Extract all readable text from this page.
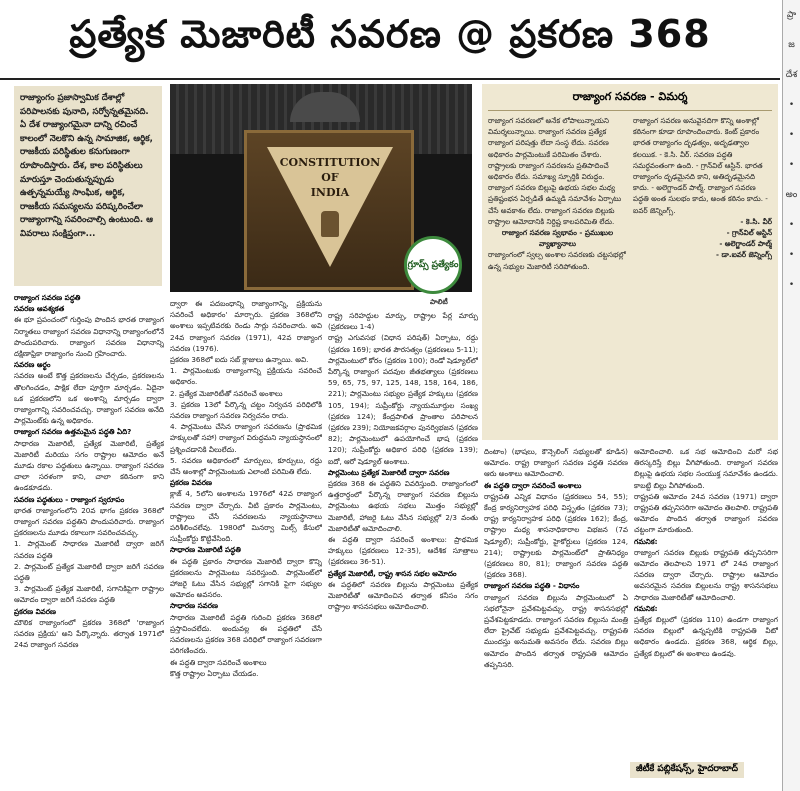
ప్రత్యేక మెజారిటీ సవరణ @ ప్రకరణ 368	ప్రా
జ
దేశ
•
•
•
అం
•
•
•
రాజ్యాంగం ప్రజాస్వామిక దేశాల్లో పరిపాలనకు పునాది, సర్వోన్నతమైనది. ఏ దేశ రాజ్యాంగమైనా దాన్ని రచించే కాలంలో నెలకొని ఉన్న సామాజిక, ఆర్థిక, రాజకీయ పరిస్థితుల కనుగుణంగా రూపొందిస్తారు. దేశ, కాల పరిస్థితులు మారుస్తూ చెందుతున్నప్పుడు ఉత్పన్నమయ్యే సాంఘిక, ఆర్థిక, రాజకీయ సమస్యలను పరిష్కరించేలా రాజ్యాంగాన్ని సవరించాల్సి ఉంటుంది. ఆ వివరాలు సంక్షిప్తంగా...
CONSTITUTION
OF
INDIA
గ్రూప్స్ ప్రత్యేకం
పాలిటీ
రాజ్యాంగ సవరణ పద్ధతి
సవరణ ఆవశ్యకత

ఈ భూ ప్రపంచంలో గుర్తింపు పొందిన భారత రాజ్యాంగ నిర్మాతలు రాజ్యాంగ సవరణ విధానాన్ని రాజ్యాంగంలోనే పొందుపరిచారు. రాజ్యాంగ సవరణ విధానాన్ని దక్షిణాఫ్రికా రాజ్యాంగం నుంచి గ్రహించారు.

సవరణ అర్థం

సవరణ అంటే కొత్త ప్రకరణలను చేర్చడం, ప్రకరణలను తొలగించడం, పాక్షిక లేదా పూర్తిగా మార్చడం. ఏదైనా ఒక ప్రకరణలోని ఒక అంశాన్ని మార్చడం ద్వారా రాజ్యాంగాన్ని సవరించవచ్చు. రాజ్యాంగ సవరణ అనేది పార్లమెంట్‌కు ఉన్న అధికారం.

రాజ్యాంగ సవరణ ఉత్తమమైన పద్ధతి ఏది?

సాధారణ మెజారిటీ, ప్రత్యేక మెజారిటీ, ప్రత్యేక మెజారిటీ మరియు సగం రాష్ట్రాల ఆమోదం అనే మూడు రకాల పద్ధతులు ఉన్నాయి. రాజ్యాంగ సవరణ చాలా సరళంగా కాని, చాలా కఠినంగా కాని ఉండకూడదు.

సవరణ పద్ధతులు - రాజ్యాంగ స్వరూపం

భారత రాజ్యాంగంలోని 20వ భాగం ప్రకరణ 368లో రాజ్యాంగ సవరణ పద్ధతిని పొందుపరిచారు. రాజ్యాంగ ప్రకరణలను మూడు రకాలుగా సవరించవచ్చు.

1. పార్లమెంట్ సాధారణ మెజారిటీ ద్వారా జరిగే సవరణ పద్ధతి

2. పార్లమెంట్ ప్రత్యేక మెజారిటీ ద్వారా జరిగే సవరణ పద్ధతి

3. పార్లమెంట్ ప్రత్యేక మెజారిటీ, సగానికిపైగా రాష్ట్రాల ఆమోదం ద్వారా జరిగే సవరణ పద్ధతి

ప్రకరణ వివరణ

మౌలిక రాజ్యాంగంలో ప్రకరణ 368లో 'రాజ్యాంగ సవరణ ప్రక్రియ' అని పేర్కొన్నారు. తర్వాత 1971లో 24వ రాజ్యాంగ సవరణ

ద్వారా ఈ పదబంధాన్ని రాజ్యాంగాన్ని, ప్రక్రియను సవరించే అధికారం' మార్చారు. ప్రకరణ 368లోని అంశాలు ఇప్పటివరకు రెండు సార్లు సవరించారు. అవి 24వ రాజ్యాంగ సవరణ (1971), 42వ రాజ్యాంగ సవరణ (1976).

ప్రకరణ 368లో ఐదు సబ్ క్లాజులు ఉన్నాయి. అవి.

1. పార్లమెంటుకు రాజ్యాంగాన్ని ప్రక్రియను సవరించే అధికారం.

2. ప్రత్యేక మెజారిటీతో సవరించే అంశాలు

3. ప్రకరణ 13లో పేర్కొన్న చట్టం నిర్వచన పరిధిలోకి సవరణ రాజ్యాంగ సవరణ నిర్వచనం రాదు.

4. పార్లమెంటు చేసిన రాజ్యాంగ సవరణను (ప్రాథమిక హక్కులతో సహా) రాజ్యాంగ విరుద్ధమని న్యాయస్థానంలో ప్రశ్నించడానికి వీలులేదు.

5. సవరణ అధికారంలో మార్పులు, కూర్పులు, రద్దు చేసే అంశాల్లో పార్లమెంటుకు ఎలాంటి పరిమితి లేదు.

ప్రకరణ వివరణ

క్లాజ్ 4, 5లోని అంశాలను 1976లో 42వ రాజ్యాంగ సవరణ ద్వారా చేర్చారు. వీటి ప్రకారం పార్లమెంటు, రాష్ట్రాలు చేసే సవరణలను న్యాయస్థానాలు పరిశీలించలేవు. 1980లో మినర్వా మిల్స్ కేసులో సుప్రీంకోర్టు కొట్టివేసింది.

సాధారణ మెజారిటీ పద్ధతి

ఈ పద్ధతి ప్రకారం సాధారణ మెజారిటీ ద్వారా కొన్ని ప్రకరణలను పార్లమెంటు సవరిస్తుంది. పార్లమెంట్‌లో హాజరై ఓటు వేసిన సభ్యుల్లో సగానికి పైగా సభ్యుల ఆమోదం అవసరం.

సాధారణ సవరణ

సాధారణ మెజారిటీ పద్ధతి గురించి ప్రకరణ 368లో ప్రస్తావించలేదు. అందువల్ల ఈ పద్ధతిలో చేసే సవరణలను ప్రకరణ 368 పరిధిలో రాజ్యాంగ సవరణగా పరిగణించరు.

ఈ పద్ధతి ద్వారా సవరించే అంశాలు

కొత్త రాష్ట్రాల ఏర్పాటు చేయడం.

రాష్ట్ర సరిహద్దుల మార్పు, రాష్ట్రాల పేర్ల మార్పు (ప్రకరణలు 1-4)

రాష్ట్ర ఎగువసభ (విధాన పరిషత్) ఏర్పాటు, రద్దు (ప్రకరణ 169); భారత పౌరసత్వం (ప్రకరణలు 5-11); పార్లమెంటులో కోరం (ప్రకరణ 100); రెండో షెడ్యూల్‌లో పేర్కొన్న రాజ్యాంగ పదవుల జీతభత్యాలు (ప్రకరణలు 59, 65, 75, 97, 125, 148, 158, 164, 186, 221); పార్లమెంటు సభ్యుల ప్రత్యేక హక్కులు (ప్రకరణ 105, 194); సుప్రీంకోర్టు న్యాయమూర్తుల సంఖ్య (ప్రకరణ 124); కేంద్రపాలిత ప్రాంతాల పరిపాలన (ప్రకరణ 239); నియోజకవర్గాల పునర్విభజన (ప్రకరణ 82); పార్లమెంటులో ఉపయోగించే భాష (ప్రకరణ 120); సుప్రీంకోర్టు అధికార పరిధి (ప్రకరణ 139); ఐదో, ఆరో షెడ్యూల్ అంశాలు.

పార్లమెంటు ప్రత్యేక మెజారిటీ ద్వారా సవరణ

ప్రకరణ 368 ఈ పద్ధతిని వివరిస్తుంది. రాజ్యాంగంలో ఉత్తరార్థంలో పేర్కొన్న రాజ్యాంగ సవరణ బిల్లును పార్లమెంటు ఉభయ సభలు మొత్తం సభ్యుల్లో మెజారిటీ, హాజరై ఓటు వేసిన సభ్యుల్లో 2/3 వంతు మెజారిటీతో ఆమోదించాలి.

ఈ పద్ధతి ద్వారా సవరించే అంశాలు: ప్రాథమిక హక్కులు (ప్రకరణలు 12-35), ఆదేశిక సూత్రాలు (ప్రకరణలు 36-51).

ప్రత్యేక మెజారిటీ, రాష్ట్ర శాసన సభల ఆమోదం

ఈ పద్ధతిలో సవరణ బిల్లును పార్లమెంటు ప్రత్యేక మెజారిటీతో ఆమోదించిన తర్వాత కనీసం సగం రాష్ట్రాల శాసనసభలు ఆమోదించాలి.

రాజ్యాంగ సవరణ - విమర్శ

రాజ్యాంగ సవరణలో అనేక లోపాలున్నాయని విమర్శలున్నాయి. రాజ్యాంగ సవరణ ప్రత్యేక రాజ్యాంగ పరిషత్తు లేదా సంస్థ లేదు. సవరణ అధికారం పార్లమెంటుకే పరిమితం చేశారు. రాష్ట్రాలకు రాజ్యాంగ సవరణను ప్రతిపాదించే అధికారం లేదు. సమాఖ్య స్ఫూర్తికి విరుద్ధం. రాజ్యాంగ సవరణ బిల్లుపై ఉభయ సభల మధ్య ప్రతిష్టంభన ఏర్పడితే ఉమ్మడి సమావేశం ఏర్పాటు చేసే అవకాశం లేదు. రాజ్యాంగ సవరణ బిల్లుకు రాష్ట్రాల ఆమోదానికి నిర్దిష్ట కాలపరిమితి లేదు.

రాజ్యాంగ సవరణ స్వభావం - ప్రముఖుల వ్యాఖ్యానాలు

రాజ్యాంగంలో స్వల్ప అంశాల సవరణకు చట్టసభల్లో ఉన్న సభ్యుల మెజారిటీ సరిపోతుంది.

రాజ్యాంగ సవరణ అనువైనదిగా కొన్ని అంశాల్లో కఠినంగా కూడా రూపొందించారు. కెంట్ ప్రకారం భారత రాజ్యాంగం దృఢత్వం, అదృఢత్వాల కలయిక. - కె.సి. వీర్. సవరణ పద్ధతి సమర్థవంతంగా ఉంది. - గ్రాన్‌విల్ ఆస్టిన్. భారత రాజ్యాంగం దృఢమైనది కాని, అతిదృఢమైనది కాదు. - అలెగ్జాండర్ పాల్మ్. రాజ్యాంగ సవరణ పద్ధతి అంత సులభం కాదు, అంత కఠినం కాదు. - ఐవర్ జెన్నింగ్స్.

- కె.సి. వీర్
- గ్రాన్‌విల్ ఆస్టిన్
- అలెగ్జాండర్ పాల్మ్
- డా.ఐవర్ జెన్నింగ్స్

దింటాం) (భాషలు, కౌన్సెలింగ్ సభ్యులతో కూడిన) ఆమోదం. రాష్ట్ర రాజ్యాంగ సవరణ పద్ధతి సవరణ ఆరు అంశాలు ఆమోదించాలి.

ఈ పద్ధతి ద్వారా సవరించే అంశాలు

రాష్ట్రపతి ఎన్నిక విధానం (ప్రకరణలు 54, 55); కేంద్ర కార్యనిర్వాహక పరిధి విస్తృతం (ప్రకరణ 73); రాష్ట్ర కార్యనిర్వాహక పరిధి (ప్రకరణ 162); కేంద్ర, రాష్ట్రాల మధ్య శాసనాధికారాల విభజన (7వ షెడ్యూల్); సుప్రీంకోర్టు, హైకోర్టులు (ప్రకరణ 124, 214); రాష్ట్రాలకు పార్లమెంట్‌లో ప్రాతినిధ్యం (ప్రకరణలు 80, 81); రాజ్యాంగ సవరణ పద్ధతి (ప్రకరణ 368).

రాజ్యాంగ సవరణ పద్ధతి - విధానం

రాజ్యాంగ సవరణ బిల్లును పార్లమెంటులో ఏ సభలోనైనా ప్రవేశపెట్టవచ్చు. రాష్ట్ర శాసనసభల్లో ప్రవేశపెట్టకూడదు. రాజ్యాంగ సవరణ బిల్లును మంత్రి లేదా ప్రైవేట్ సభ్యుడు ప్రవేశపెట్టవచ్చు. రాష్ట్రపతి ముందస్తు అనుమతి అవసరం లేదు. సవరణ బిల్లు ఆమోదం పొందిన తర్వాత రాష్ట్రపతి ఆమోదం తప్పనిసరి.

ఆమోదించాలి. ఒక సభ ఆమోదించి మరో సభ తిరస్కరిస్తే బిల్లు వీగిపోతుంది. రాజ్యాంగ సవరణ బిల్లుపై ఉభయ సభల సంయుక్త సమావేశం ఉండదు. కాబట్టి బిల్లు వీగిపోతుంది.

రాష్ట్రపతి ఆమోదం 24వ సవరణ (1971) ద్వారా రాష్ట్రపతి తప్పనిసరిగా ఆమోదం తెలపాలి. రాష్ట్రపతి ఆమోదం పొందిన తర్వాత రాజ్యాంగ సవరణ చట్టంగా మారుతుంది.

గమనిక:

రాజ్యాంగ సవరణ బిల్లుకు రాష్ట్రపతి తప్పనిసరిగా ఆమోదం తెలపాలని 1971 లో 24వ రాజ్యాంగ సవరణ ద్వారా చేర్చారు. రాష్ట్రాల ఆమోదం అవసరమైన సవరణ బిల్లులను రాష్ట్ర శాసనసభలు సాధారణ మెజారిటీతో ఆమోదించాలి.

గమనిక:

ప్రత్యేక బిల్లులో (ప్రకరణ 110) ఉండగా రాజ్యాంగ సవరణ బిల్లులో ఉన్నప్పటికి రాష్ట్రపతి వీటో అధికారం ఉండదు. ప్రకరణ 368, ఆర్థిక బిల్లు, ప్రత్యేక బిల్లులో ఈ అంశాలు ఉండవు.

జీటీకే పబ్లికేషన్స్, హైదరాబాద్
